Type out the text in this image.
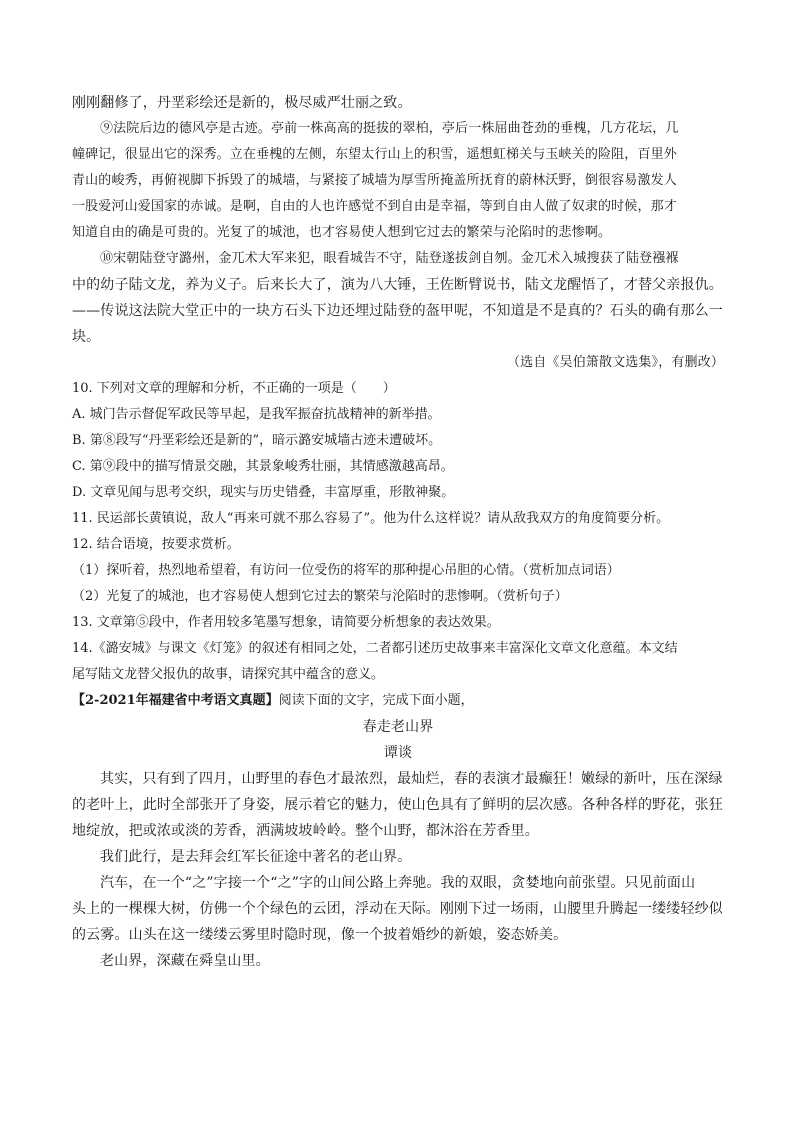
刚刚翻修了，丹垩彩绘还是新的，极尽威严壮丽之致。
⑨法院后边的德风亭是古迹。亭前一株高高的挺拔的翠柏，亭后一株屈曲苍劲的垂槐，几方花坛，几
幢碑记，很显出它的深秀。立在垂槐的左侧，东望太行山上的积雪，遥想虹梯关与玉峡关的险阻，百里外
青山的峻秀，再俯视脚下拆毁了的城墙，与紧接了城墙为厚雪所掩盖所抚育的蔚林沃野，倒很容易激发人
一股爱河山爱国家的赤诚。是啊，自由的人也许感觉不到自由是幸福，等到自由人做了奴隶的时候，那才
知道自由的确是可贵的。光复了的城池，也才容易使人想到它过去的繁荣与沦陷时的悲惨啊。
⑩宋朝陆登守潞州，金兀术大军来犯，眼看城告不守，陆登遂拔剑自刎。金兀术入城搜获了陆登襁褓
中的幼子陆文龙，养为义子。后来长大了，演为八大锤，王佐断臂说书，陆文龙醒悟了，才替父亲报仇。
——传说这法院大堂正中的一块方石头下边还埋过陆登的盔甲呢，不知道是不是真的？石头的确有那么一
块。
（选自《吴伯箫散文选集》，有删改）
10. 下列对文章的理解和分析，不正确的一项是（　　）
A. 城门告示督促军政民等早起，是我军振奋抗战精神的新举措。
B. 第⑧段写“丹垩彩绘还是新的”，暗示潞安城墙古迹未遭破坏。
C. 第⑨段中的描写情景交融，其景象峻秀壮丽，其情感激越高昂。
D. 文章见闻与思考交织，现实与历史错叠，丰富厚重，形散神聚。
11. 民运部长黄镇说，敌人“再来可就不那么容易了”。他为什么这样说？请从敌我双方的角度简要分析。
12. 结合语境，按要求赏析。
（1）探听着，热烈地希望着，有访问一位受伤的将军的那种提心吊胆的心情。（赏析加点词语）
（2）光复了的城池，也才容易使人想到它过去的繁荣与沦陷时的悲惨啊。（赏析句子）
13. 文章第⑤段中，作者用较多笔墨写想象，请简要分析想象的表达效果。
14.《潞安城》与课文《灯笼》的叙述有相同之处，二者都引述历史故事来丰富深化文章文化意蕴。本文结
尾写陆文龙替父报仇的故事，请探究其中蕴含的意义。
【2-2021年福建省中考语文真题】阅读下面的文字，完成下面小题，
春走老山界
谭谈
其实，只有到了四月，山野里的春色才最浓烈，最灿烂，春的表演才最癫狂！嫩绿的新叶，压在深绿
的老叶上，此时全部张开了身姿，展示着它的魅力，使山色具有了鲜明的层次感。各种各样的野花，张狂
地绽放，把或浓或淡的芳香，洒满坡坡岭岭。整个山野，都沐浴在芳香里。
我们此行，是去拜会红军长征途中著名的老山界。
汽车，在一个“之”字接一个“之”字的山间公路上奔驰。我的双眼，贪婪地向前张望。只见前面山
头上的一棵棵大树，仿佛一个个绿色的云团，浮动在天际。刚刚下过一场雨，山腰里升腾起一缕缕轻纱似
的云雾。山头在这一缕缕云雾里时隐时现，像一个披着婚纱的新娘，姿态娇美。
老山界，深藏在舜皇山里。
